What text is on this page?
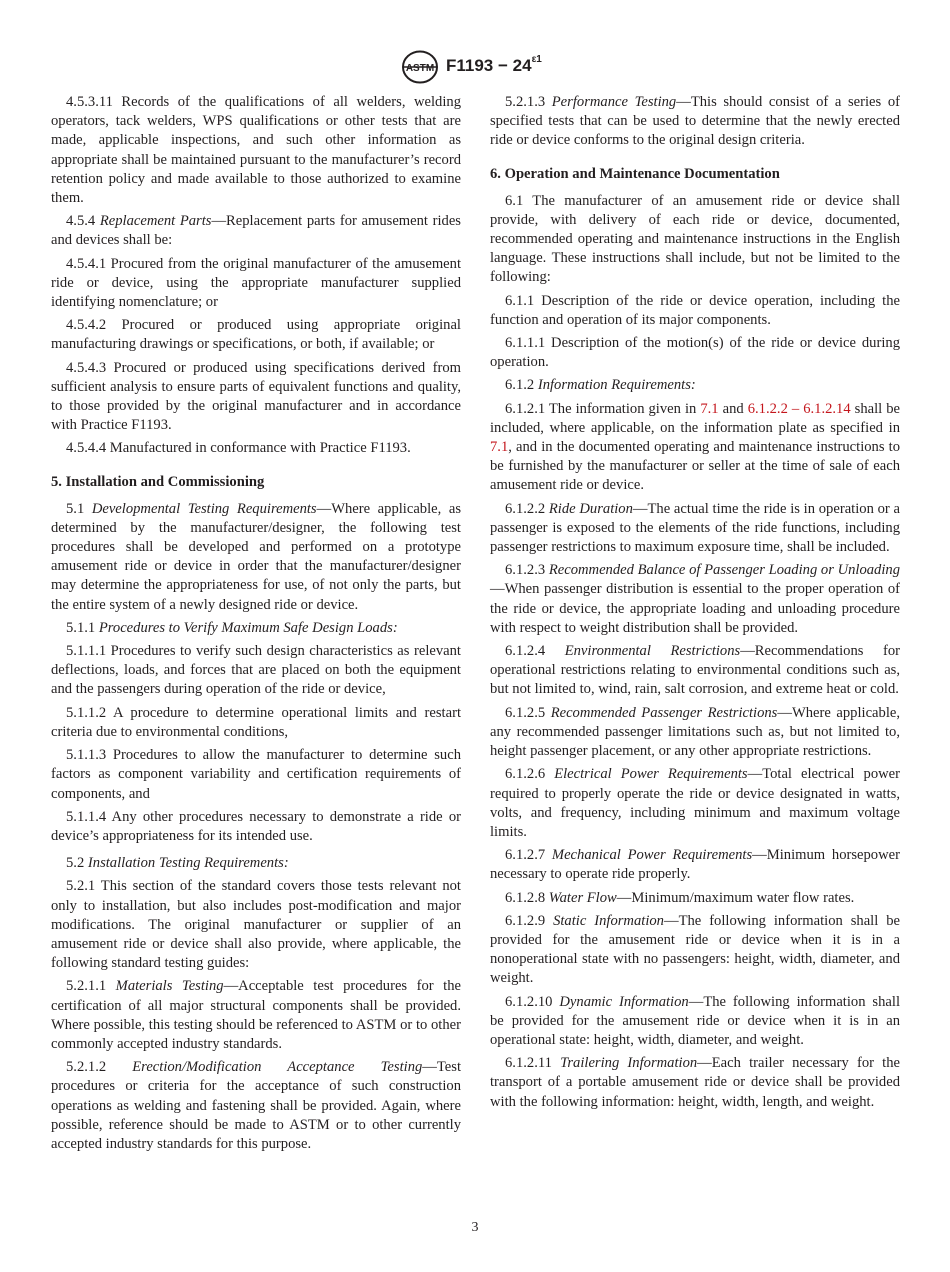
ASTM $F1193 - 24^{\varepsilon 1}$

4.5.3.11 Records of the qualifications of all welders, welding operators, tack welders, WPS qualifications or other tests that are made, applicable inspections, and such other information as appropriate shall be maintained pursuant to the manufacturer’s record retention policy and made available to those authorized to examine them.

4.5.4 Replacement Parts—Replacement parts for amusement rides and devices shall be:

4.5.4.1 Procured from the original manufacturer of the amusement ride or device, using the appropriate manufacturer supplied identifying nomenclature; or

4.5.4.2 Procured or produced using appropriate original manufacturing drawings or specifications, or both, if available; or

4.5.4.3 Procured or produced using specifications derived from sufficient analysis to ensure parts of equivalent functions and quality, to those provided by the original manufacturer and in accordance with Practice F1193.

4.5.4.4 Manufactured in conformance with Practice F1193.

5. Installation and Commissioning

5.1 Developmental Testing Requirements—Where applicable, as determined by the manufacturer/designer, the following test procedures shall be developed and performed on a prototype amusement ride or device in order that the manufacturer/designer may determine the appropriateness for use, of not only the parts, but the entire system of a newly designed ride or device.

5.1.1 Procedures to Verify Maximum Safe Design Loads:

5.1.1.1 Procedures to verify such design characteristics as relevant deflections, loads, and forces that are placed on both the equipment and the passengers during operation of the ride or device,

5.1.1.2 A procedure to determine operational limits and restart criteria due to environmental conditions,

5.1.1.3 Procedures to allow the manufacturer to determine such factors as component variability and certification requirements of components, and

5.1.1.4 Any other procedures necessary to demonstrate a ride or device’s appropriateness for its intended use.

5.2 Installation Testing Requirements:

5.2.1 This section of the standard covers those tests relevant not only to installation, but also includes post-modification and major modifications. The original manufacturer or supplier of an amusement ride or device shall also provide, where applicable, the following standard testing guides:

5.2.1.1 Materials Testing—Acceptable test procedures for the certification of all major structural components shall be provided. Where possible, this testing should be referenced to ASTM or to other commonly accepted industry standards.

5.2.1.2 Erection/Modification Acceptance Testing—Test procedures or criteria for the acceptance of such construction operations as welding and fastening shall be provided. Again, where possible, reference should be made to ASTM or to other currently accepted industry standards for this purpose.

5.2.1.3 Performance Testing—This should consist of a series of specified tests that can be used to determine that the newly erected ride or device conforms to the original design criteria.

6. Operation and Maintenance Documentation

6.1 The manufacturer of an amusement ride or device shall provide, with delivery of each ride or device, documented, recommended operating and maintenance instructions in the English language. These instructions shall include, but not be limited to the following:

6.1.1 Description of the ride or device operation, including the function and operation of its major components.

6.1.1.1 Description of the motion(s) of the ride or device during operation.

6.1.2 Information Requirements:

6.1.2.1 The information given in 7.1 and 6.1.2.2 – 6.1.2.14 shall be included, where applicable, on the information plate as specified in 7.1, and in the documented operating and maintenance instructions to be furnished by the manufacturer or seller at the time of sale of each amusement ride or device.

6.1.2.2 Ride Duration—The actual time the ride is in operation or a passenger is exposed to the elements of the ride functions, including passenger restrictions to maximum exposure time, shall be included.

6.1.2.3 Recommended Balance of Passenger Loading or Unloading—When passenger distribution is essential to the proper operation of the ride or device, the appropriate loading and unloading procedure with respect to weight distribution shall be provided.

6.1.2.4 Environmental Restrictions—Recommendations for operational restrictions relating to environmental conditions such as, but not limited to, wind, rain, salt corrosion, and extreme heat or cold.

6.1.2.5 Recommended Passenger Restrictions—Where applicable, any recommended passenger limitations such as, but not limited to, height passenger placement, or any other appropriate restrictions.

6.1.2.6 Electrical Power Requirements—Total electrical power required to properly operate the ride or device designated in watts, volts, and frequency, including minimum and maximum voltage limits.

6.1.2.7 Mechanical Power Requirements—Minimum horsepower necessary to operate ride properly.

6.1.2.8 Water Flow—Minimum/maximum water flow rates.

6.1.2.9 Static Information—The following information shall be provided for the amusement ride or device when it is in a nonoperational state with no passengers: height, width, diameter, and weight.

6.1.2.10 Dynamic Information—The following information shall be provided for the amusement ride or device when it is in an operational state: height, width, diameter, and weight.

6.1.2.11 Trailering Information—Each trailer necessary for the transport of a portable amusement ride or device shall be provided with the following information: height, width, length, and weight.

3
